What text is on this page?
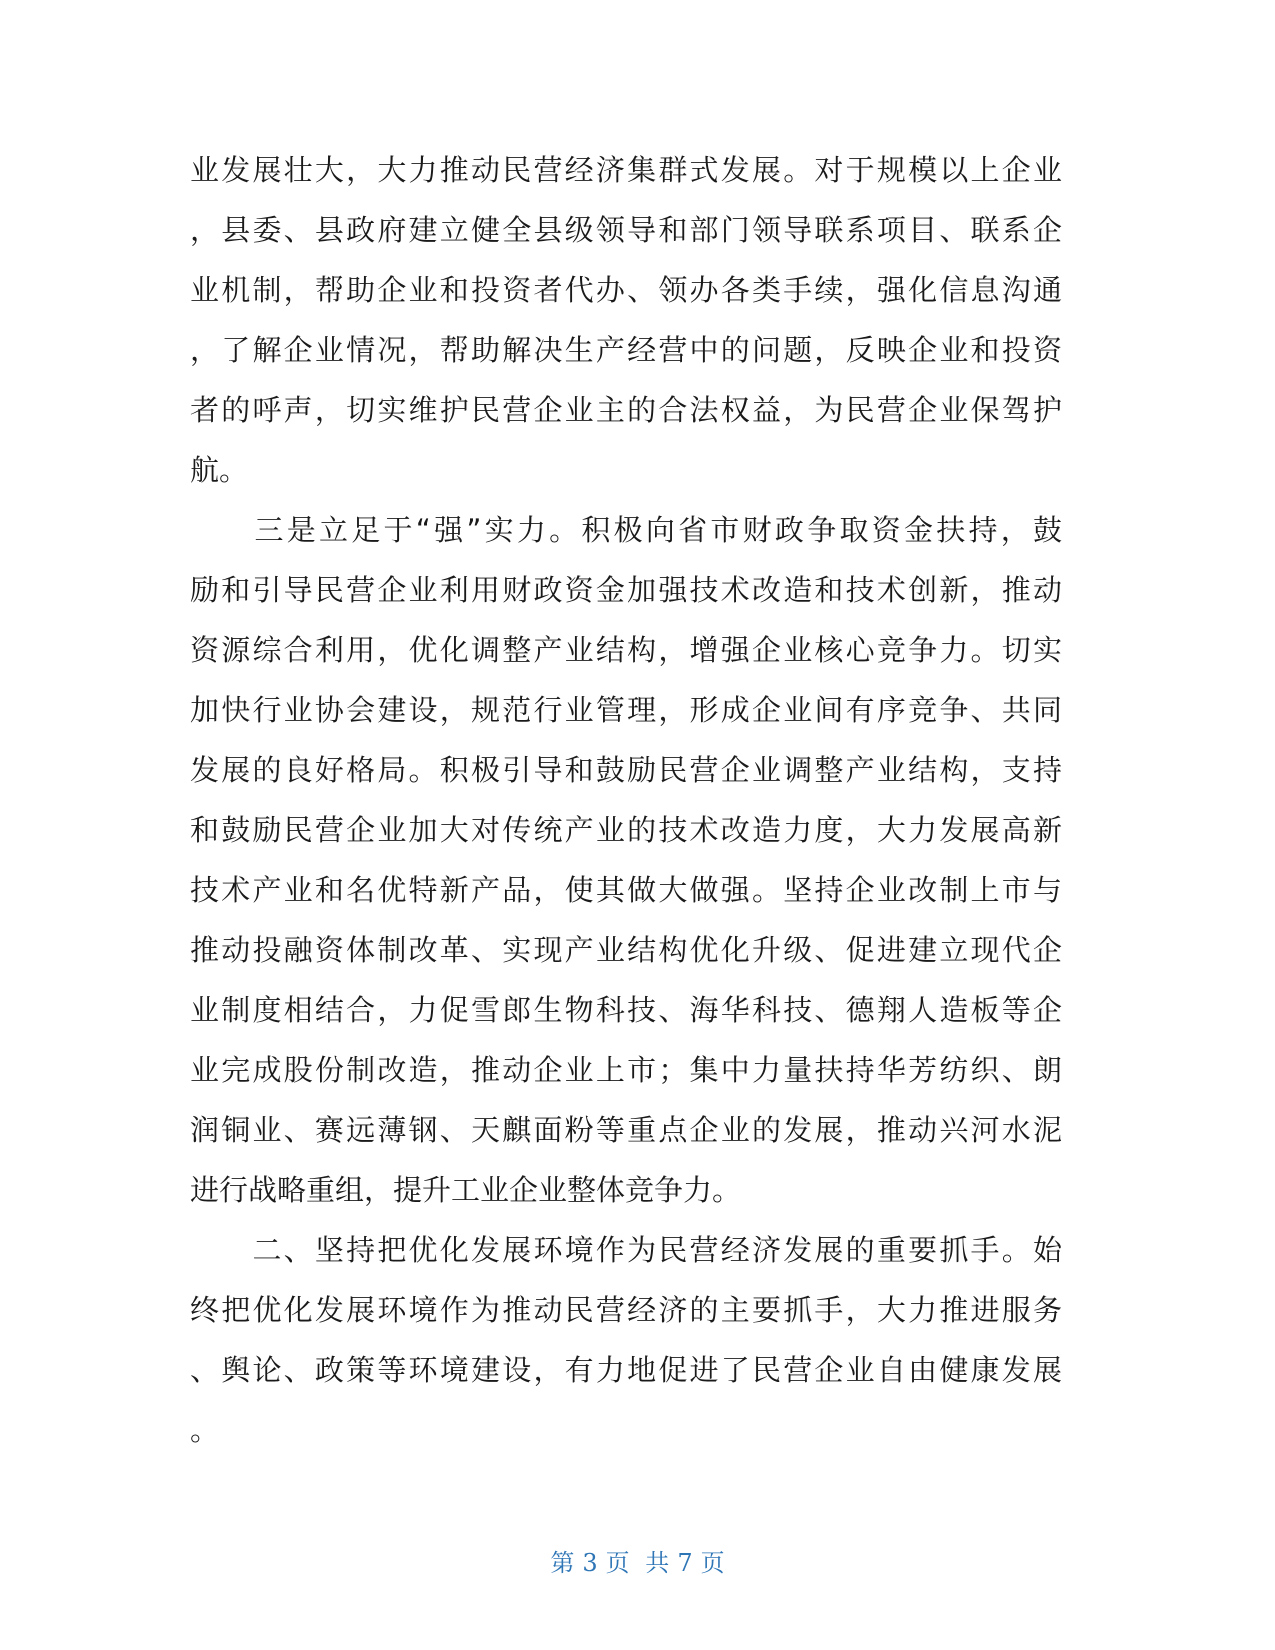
业发展壮大，大力推动民营经济集群式发展。对于规模以上企业
，县委、县政府建立健全县级领导和部门领导联系项目、联系企
业机制，帮助企业和投资者代办、领办各类手续，强化信息沟通
，了解企业情况，帮助解决生产经营中的问题，反映企业和投资
者的呼声，切实维护民营企业主的合法权益，为民营企业保驾护
航。
　　三是立足于“强”实力。积极向省市财政争取资金扶持，鼓
励和引导民营企业利用财政资金加强技术改造和技术创新，推动
资源综合利用，优化调整产业结构，增强企业核心竞争力。切实
加快行业协会建设，规范行业管理，形成企业间有序竞争、共同
发展的良好格局。积极引导和鼓励民营企业调整产业结构，支持
和鼓励民营企业加大对传统产业的技术改造力度，大力发展高新
技术产业和名优特新产品，使其做大做强。坚持企业改制上市与
推动投融资体制改革、实现产业结构优化升级、促进建立现代企
业制度相结合，力促雪郎生物科技、海华科技、德翔人造板等企
业完成股份制改造，推动企业上市；集中力量扶持华芳纺织、朗
润铜业、赛远薄钢、天麒面粉等重点企业的发展，推动兴河水泥
进行战略重组，提升工业企业整体竞争力。
　　二、坚持把优化发展环境作为民营经济发展的重要抓手。始
终把优化发展环境作为推动民营经济的主要抓手，大力推进服务
、舆论、政策等环境建设，有力地促进了民营企业自由健康发展
。
第 3 页 共 7 页
